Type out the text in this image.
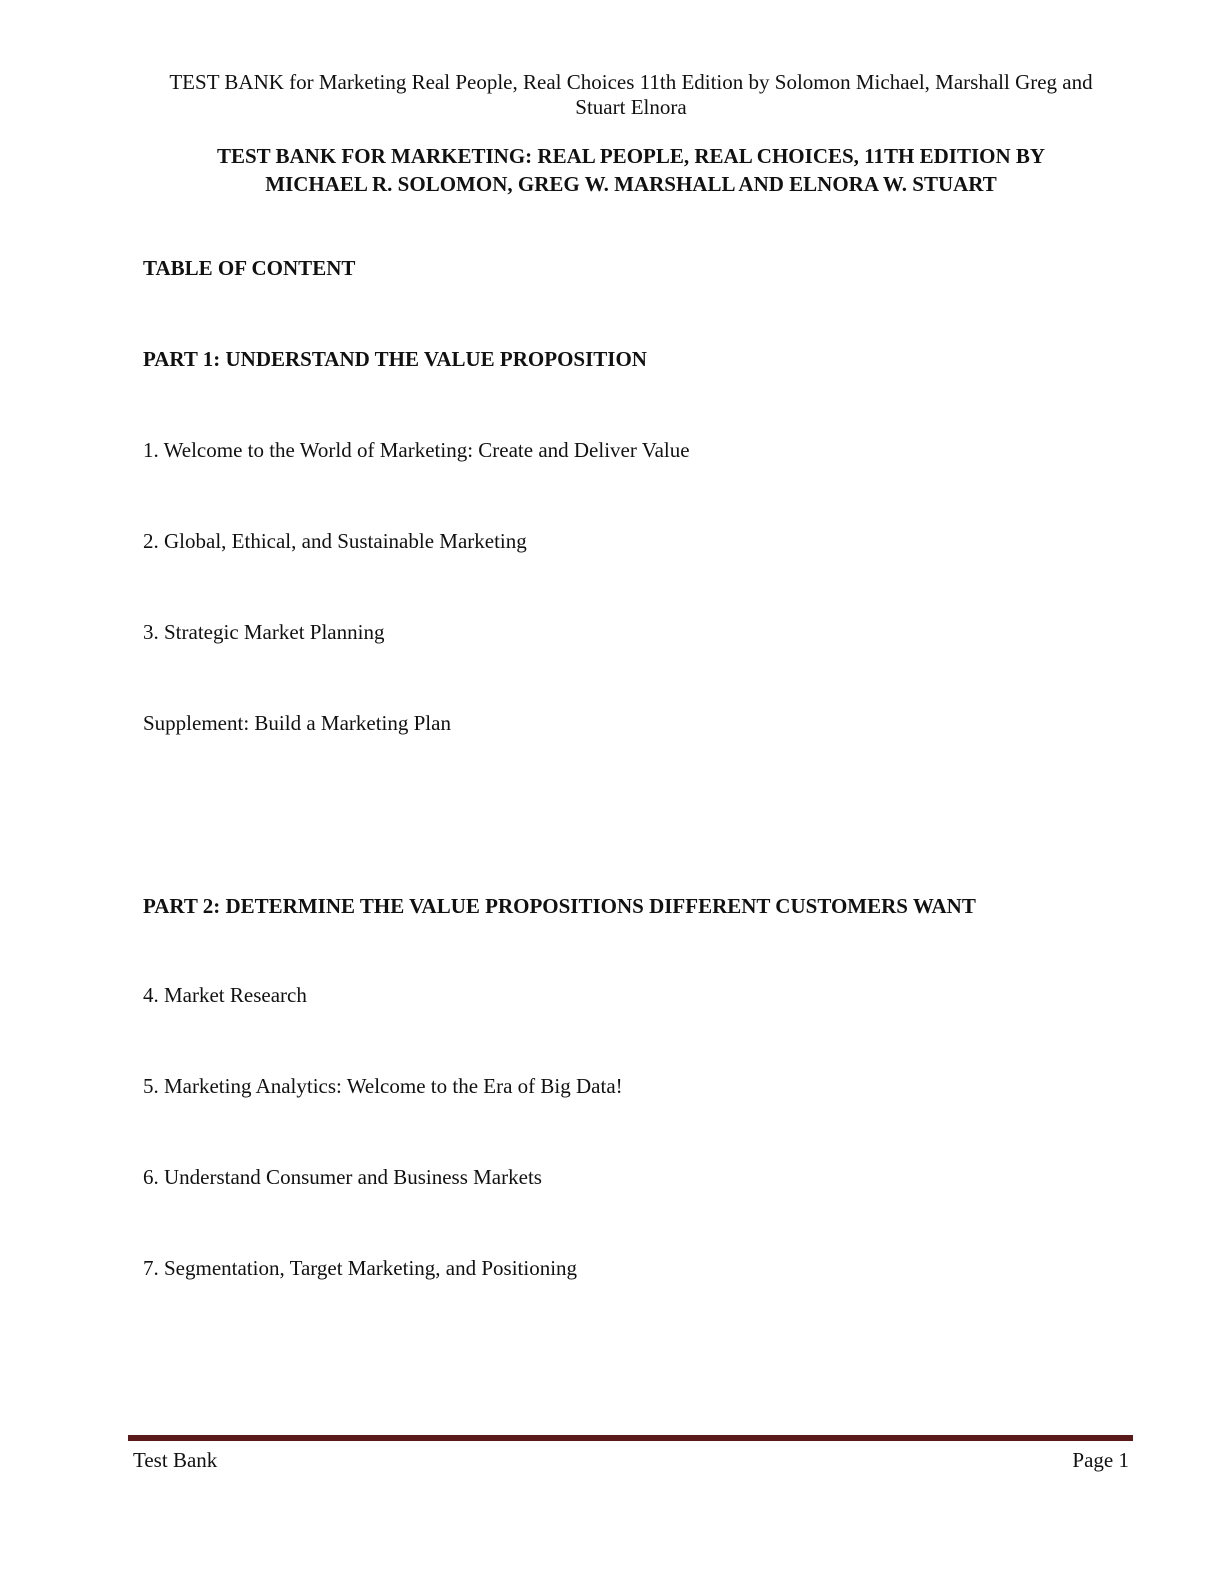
TEST BANK for Marketing Real People, Real Choices 11th Edition by Solomon Michael, Marshall Greg and
Stuart Elnora
TEST BANK FOR MARKETING: REAL PEOPLE, REAL CHOICES, 11TH EDITION BY
MICHAEL R. SOLOMON, GREG W. MARSHALL AND ELNORA W. STUART
TABLE OF CONTENT
PART 1: UNDERSTAND THE VALUE PROPOSITION
1. Welcome to the World of Marketing: Create and Deliver Value
2. Global, Ethical, and Sustainable Marketing
3. Strategic Market Planning
Supplement: Build a Marketing Plan
PART 2: DETERMINE THE VALUE PROPOSITIONS DIFFERENT CUSTOMERS WANT
4. Market Research
5. Marketing Analytics: Welcome to the Era of Big Data!
6. Understand Consumer and Business Markets
7. Segmentation, Target Marketing, and Positioning
Test Bank	Page 1
